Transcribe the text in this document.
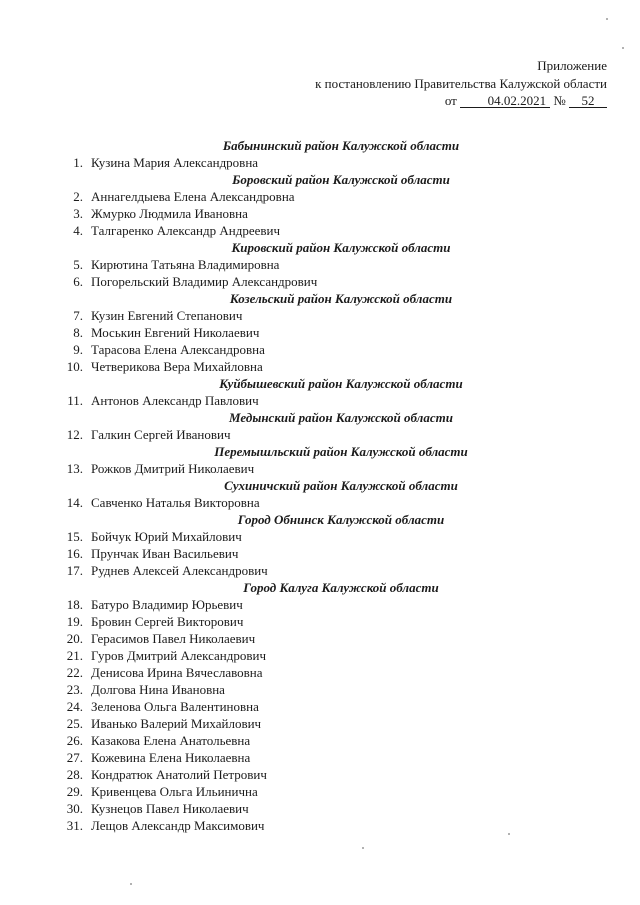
Приложение
к постановлению Правительства Калужской области
от 04.02.2021 № 52
Бабынинский район Калужской области
1. Кузина Мария Александровна
Боровский район Калужской области
2. Аннагелдыева Елена Александровна
3. Жмурко Людмила Ивановна
4. Талгаренко Александр Андреевич
Кировский район Калужской области
5. Кирютина Татьяна Владимировна
6. Погорельский Владимир Александрович
Козельский район Калужской области
7. Кузин Евгений Степанович
8. Моськин Евгений Николаевич
9. Тарасова Елена Александровна
10. Четверикова Вера Михайловна
Куйбышевский район Калужской области
11. Антонов Александр Павлович
Медынский район Калужской области
12. Галкин Сергей Иванович
Перемышльский район Калужской области
13. Рожков Дмитрий Николаевич
Сухиничский район Калужской области
14. Савченко Наталья Викторовна
Город Обнинск Калужской области
15. Бойчук Юрий Михайлович
16. Прунчак Иван Васильевич
17. Руднев Алексей Александрович
Город Калуга Калужской области
18. Батуро Владимир Юрьевич
19. Бровин Сергей Викторович
20. Герасимов Павел Николаевич
21. Гуров Дмитрий Александрович
22. Денисова Ирина Вячеславовна
23. Долгова Нина Ивановна
24. Зеленова Ольга Валентиновна
25. Иванько Валерий Михайлович
26. Казакова Елена Анатольевна
27. Кожевина Елена Николаевна
28. Кондратюк Анатолий Петрович
29. Кривенцева Ольга Ильинична
30. Кузнецов Павел Николаевич
31. Лещов Александр Максимович
